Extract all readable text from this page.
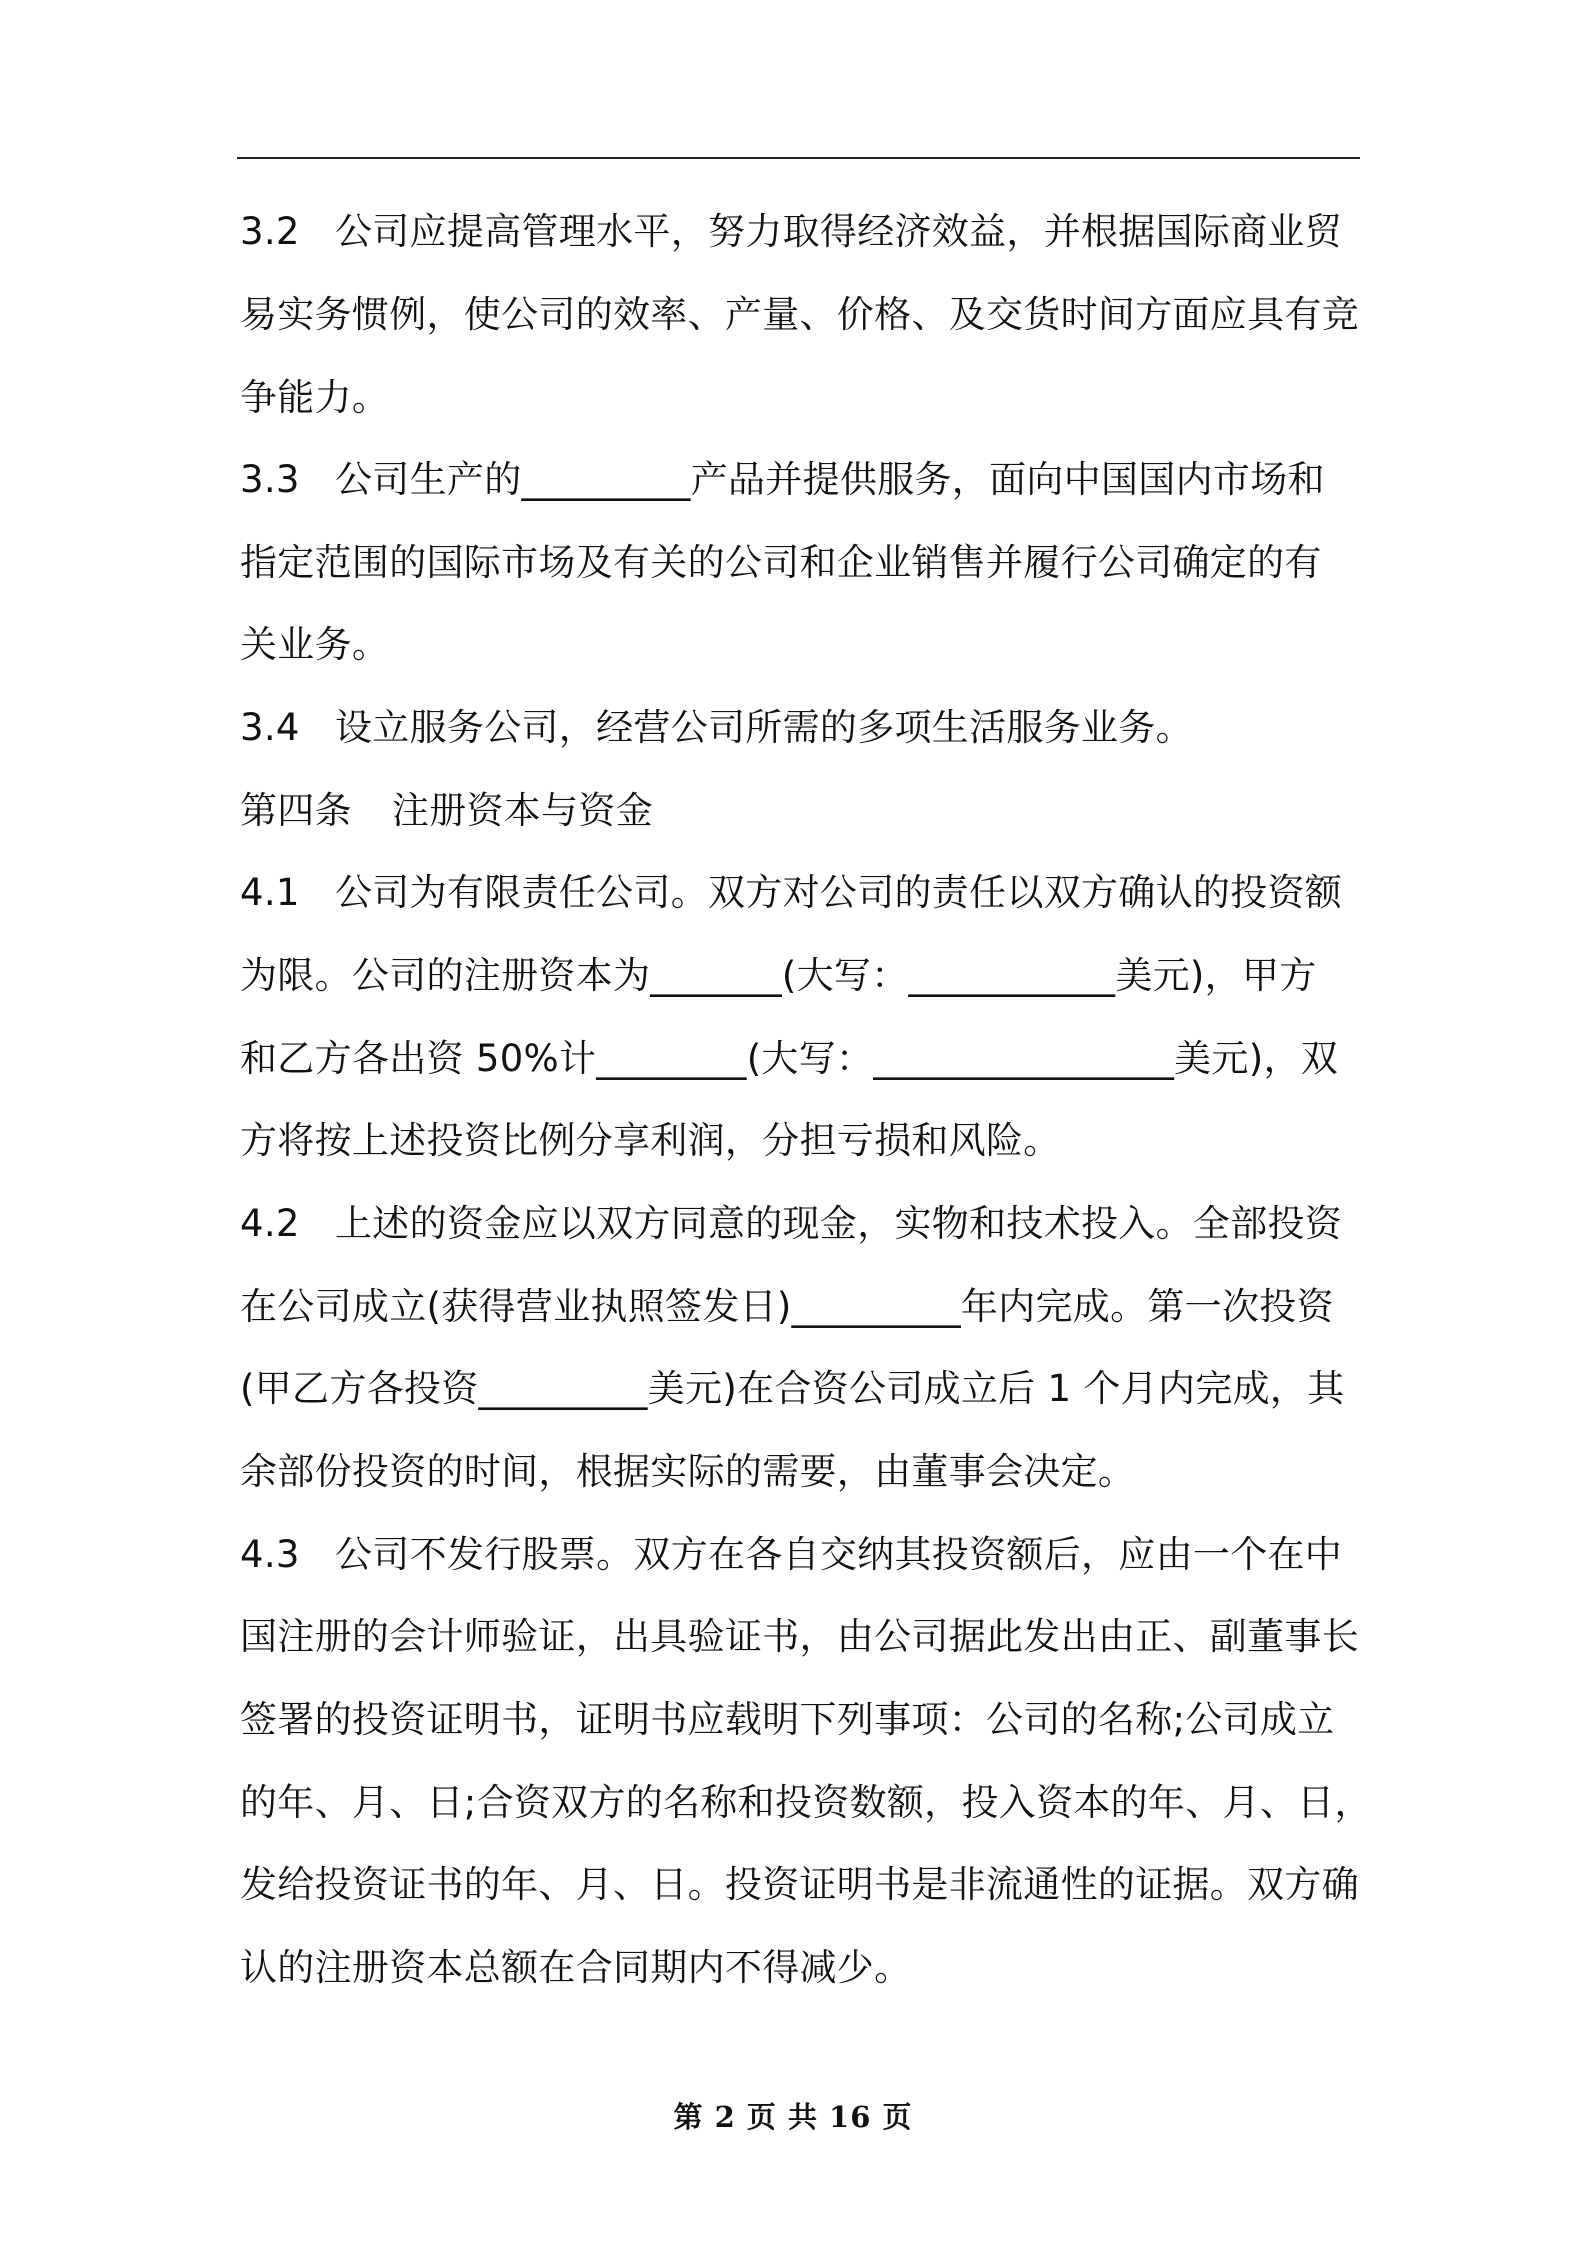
3.2 公司应提高管理水平，努力取得经济效益，并根据国际商业贸
易实务惯例，使公司的效率、产量、价格、及交货时间方面应具有竞
争能力。
3.3 公司生产的_________产品并提供服务，面向中国国内市场和
指定范围的国际市场及有关的公司和企业销售并履行公司确定的有
关业务。
3.4 设立服务公司，经营公司所需的多项生活服务业务。
第四条 注册资本与资金
4.1 公司为有限责任公司。双方对公司的责任以双方确认的投资额
为限。公司的注册资本为_______(大写：___________美元)，甲方
和乙方各出资 50%计________(大写：________________美元)，双
方将按上述投资比例分享利润，分担亏损和风险。
4.2 上述的资金应以双方同意的现金，实物和技术投入。全部投资
在公司成立(获得营业执照签发日)_________年内完成。第一次投资
(甲乙方各投资_________美元)在合资公司成立后 1 个月内完成，其
余部份投资的时间，根据实际的需要，由董事会决定。
4.3 公司不发行股票。双方在各自交纳其投资额后，应由一个在中
国注册的会计师验证，出具验证书，由公司据此发出由正、副董事长
签署的投资证明书，证明书应载明下列事项：公司的名称;公司成立
的年、月、日;合资双方的名称和投资数额，投入资本的年、月、日，
发给投资证书的年、月、日。投资证明书是非流通性的证据。双方确
认的注册资本总额在合同期内不得减少。
第 2 页 共 16 页
